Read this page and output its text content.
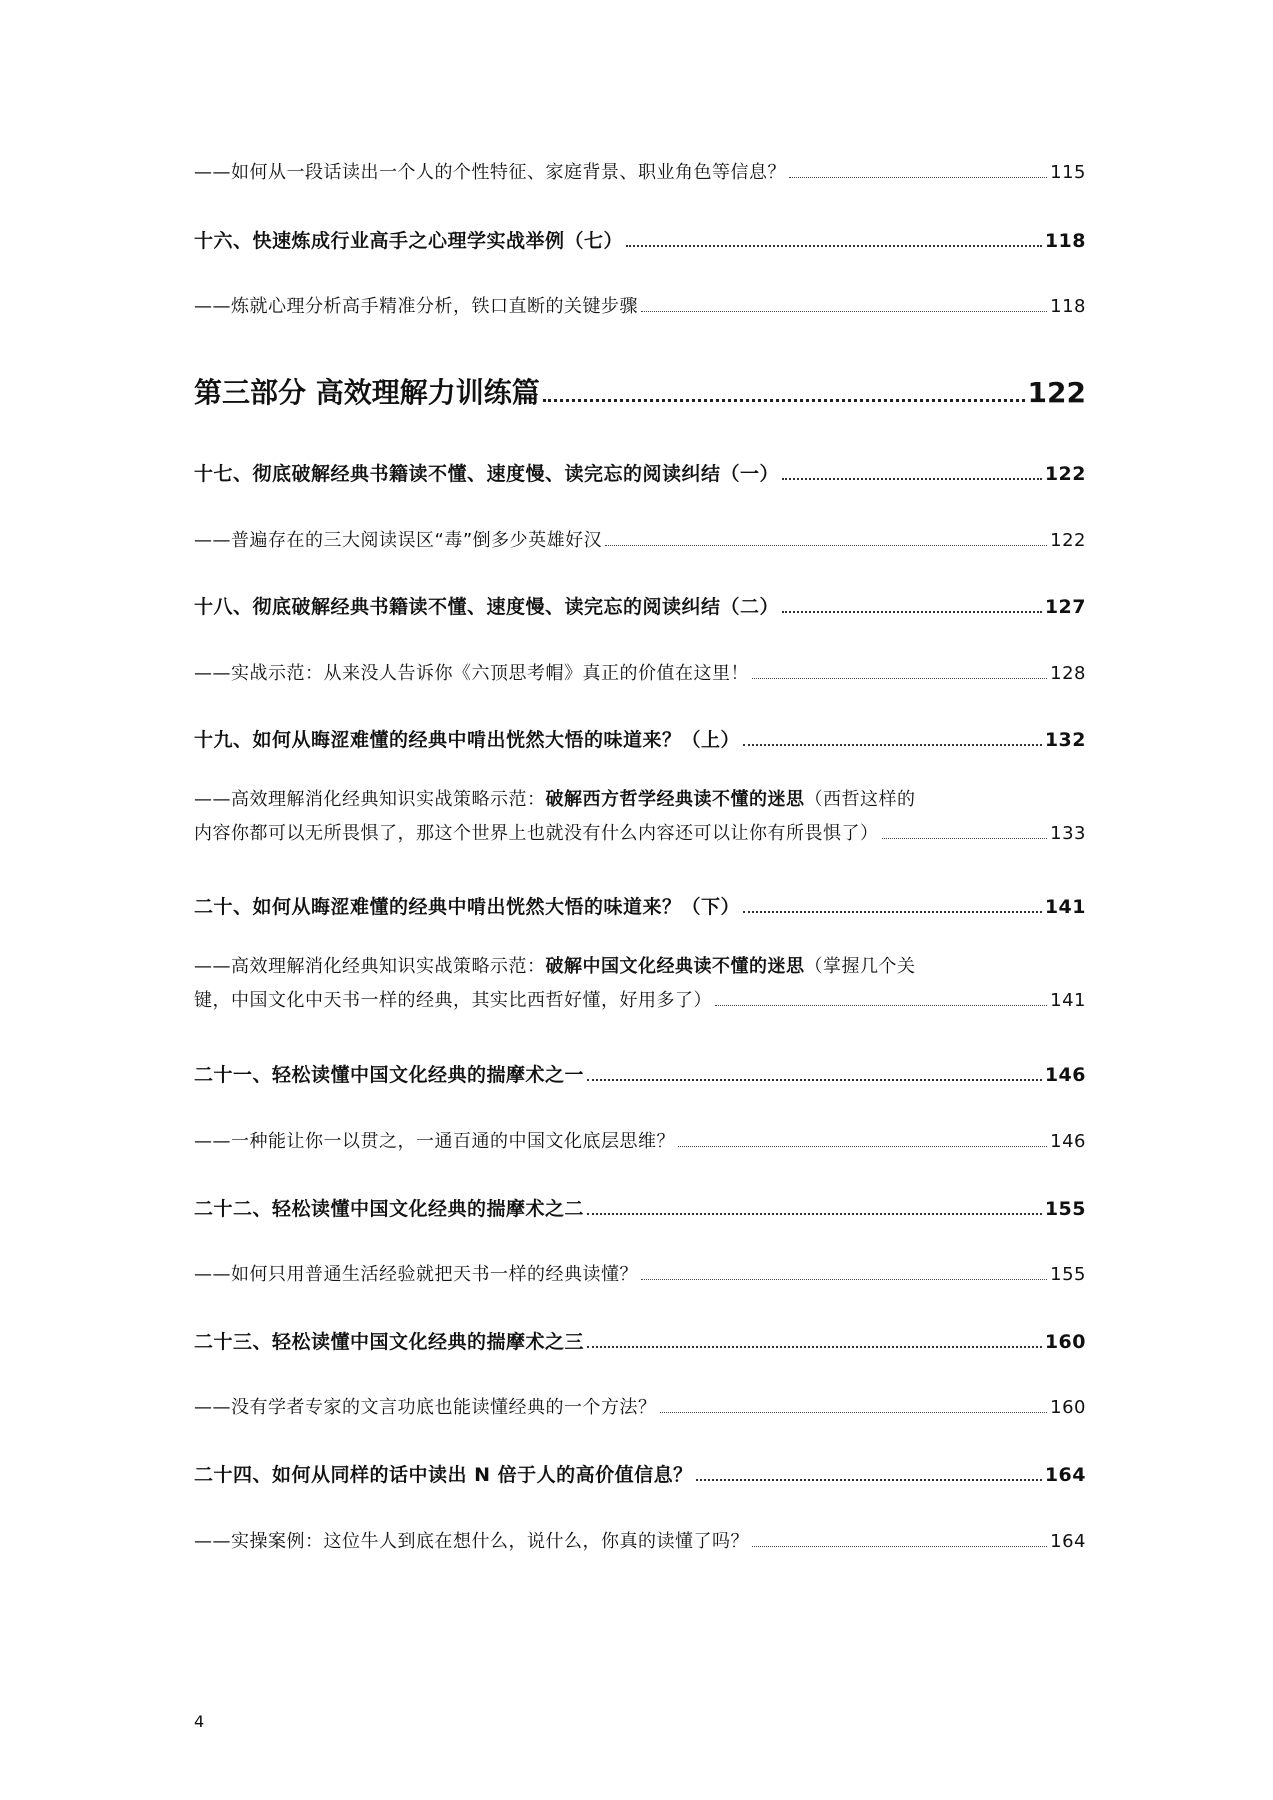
——如何从一段话读出一个人的个性特征、家庭背景、职业角色等信息？	115
十六、快速炼成行业高手之心理学实战举例（七）	118
——炼就心理分析高手精准分析，铁口直断的关键步骤	118
第三部分 高效理解力训练篇	122
十七、彻底破解经典书籍读不懂、速度慢、读完忘的阅读纠结（一）	122
——普遍存在的三大阅读误区“毒”倒多少英雄好汉	122
十八、彻底破解经典书籍读不懂、速度慢、读完忘的阅读纠结（二）	127
——实战示范：从来没人告诉你《六顶思考帽》真正的价值在这里！	128
十九、如何从晦涩难懂的经典中啃出恍然大悟的味道来？（上）	132
——高效理解消化经典知识实战策略示范：破解西方哲学经典读不懂的迷思（西哲这样的
内容你都可以无所畏惧了，那这个世界上也就没有什么内容还可以让你有所畏惧了）	133
二十、如何从晦涩难懂的经典中啃出恍然大悟的味道来？（下）	141
——高效理解消化经典知识实战策略示范：破解中国文化经典读不懂的迷思（掌握几个关
键，中国文化中天书一样的经典，其实比西哲好懂，好用多了）	141
二十一、轻松读懂中国文化经典的揣摩术之一	146
——一种能让你一以贯之，一通百通的中国文化底层思维？	146
二十二、轻松读懂中国文化经典的揣摩术之二	155
——如何只用普通生活经验就把天书一样的经典读懂？	155
二十三、轻松读懂中国文化经典的揣摩术之三	160
——没有学者专家的文言功底也能读懂经典的一个方法？	160
二十四、如何从同样的话中读出 N 倍于人的高价值信息？	164
——实操案例：这位牛人到底在想什么，说什么，你真的读懂了吗？	164
4
